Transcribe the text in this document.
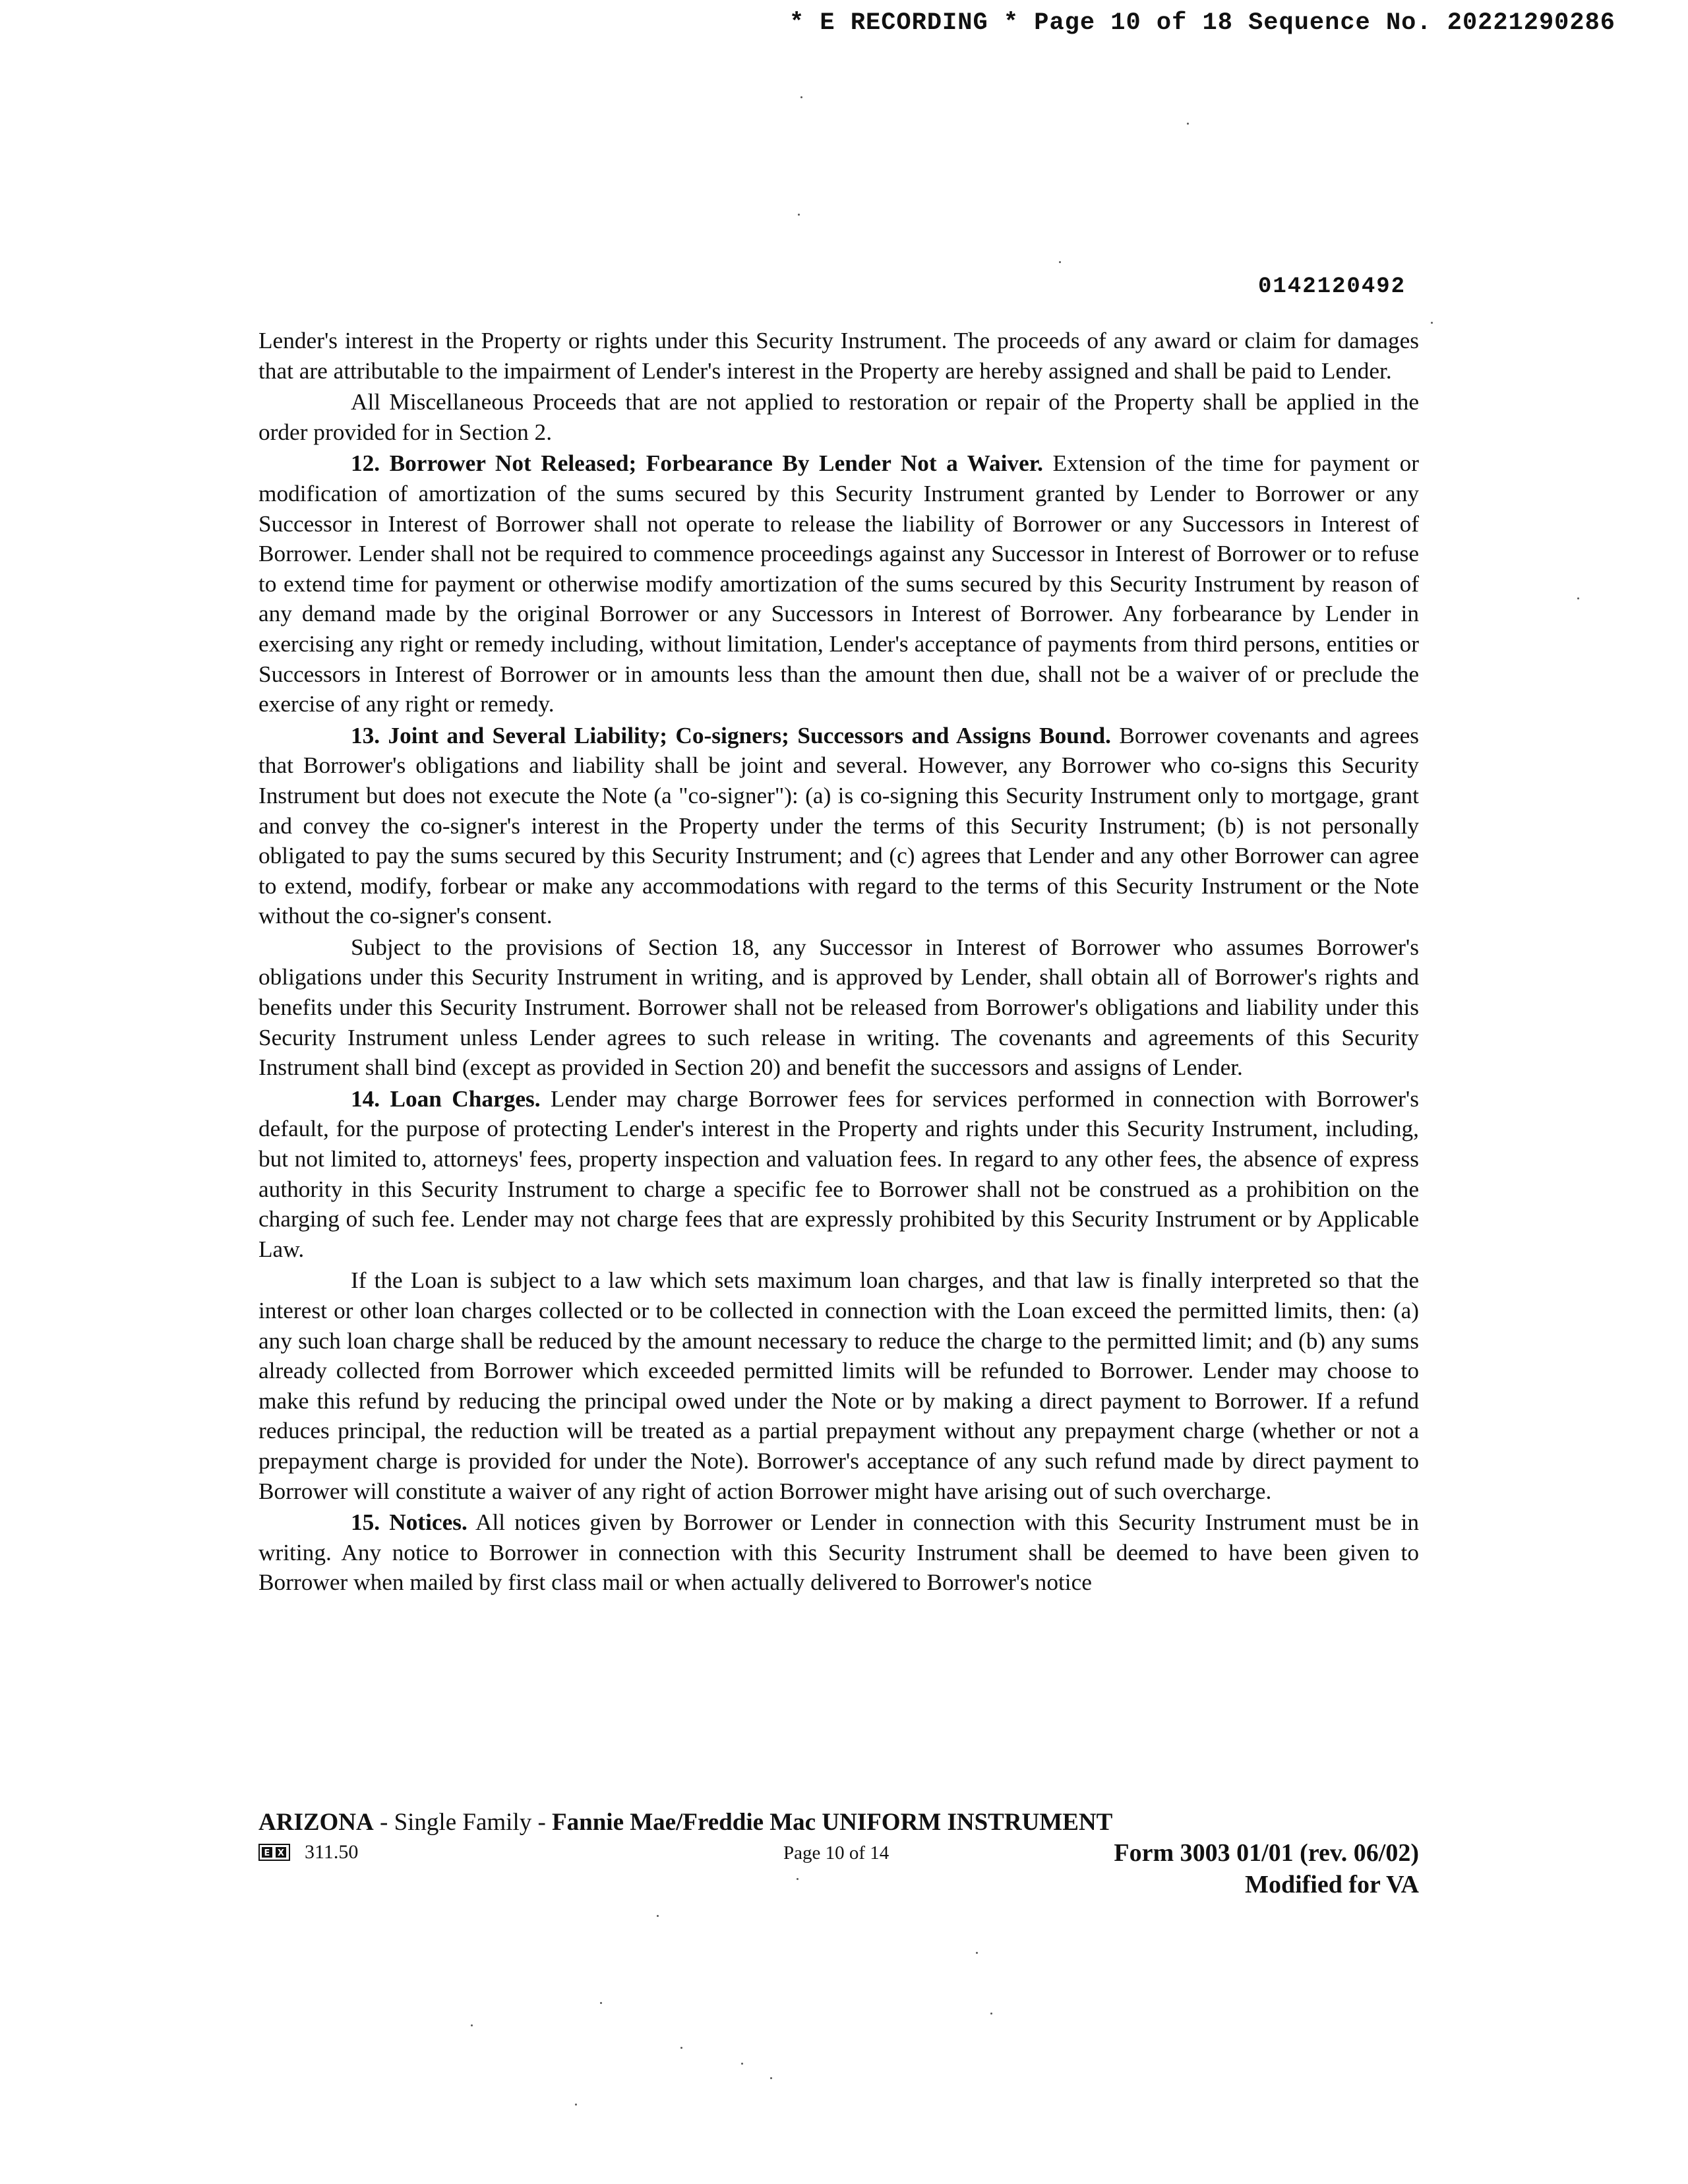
* E RECORDING * Page 10 of 18 Sequence No. 20221290286
0142120492

Lender's interest in the Property or rights under this Security Instrument. The proceeds of any award or claim for damages that are attributable to the impairment of Lender's interest in the Property are hereby assigned and shall be paid to Lender.

All Miscellaneous Proceeds that are not applied to restoration or repair of the Property shall be applied in the order provided for in Section 2.

12. Borrower Not Released; Forbearance By Lender Not a Waiver. Extension of the time for payment or modification of amortization of the sums secured by this Security Instrument granted by Lender to Borrower or any Successor in Interest of Borrower shall not operate to release the liability of Borrower or any Successors in Interest of Borrower. Lender shall not be required to commence proceedings against any Successor in Interest of Borrower or to refuse to extend time for payment or otherwise modify amortization of the sums secured by this Security Instrument by reason of any demand made by the original Borrower or any Successors in Interest of Borrower. Any forbearance by Lender in exercising any right or remedy including, without limitation, Lender's acceptance of payments from third persons, entities or Successors in Interest of Borrower or in amounts less than the amount then due, shall not be a waiver of or preclude the exercise of any right or remedy.

13. Joint and Several Liability; Co-signers; Successors and Assigns Bound. Borrower covenants and agrees that Borrower's obligations and liability shall be joint and several. However, any Borrower who co-signs this Security Instrument but does not execute the Note (a "co-signer"): (a) is co-signing this Security Instrument only to mortgage, grant and convey the co-signer's interest in the Property under the terms of this Security Instrument; (b) is not personally obligated to pay the sums secured by this Security Instrument; and (c) agrees that Lender and any other Borrower can agree to extend, modify, forbear or make any accommodations with regard to the terms of this Security Instrument or the Note without the co-signer's consent.

Subject to the provisions of Section 18, any Successor in Interest of Borrower who assumes Borrower's obligations under this Security Instrument in writing, and is approved by Lender, shall obtain all of Borrower's rights and benefits under this Security Instrument. Borrower shall not be released from Borrower's obligations and liability under this Security Instrument unless Lender agrees to such release in writing. The covenants and agreements of this Security Instrument shall bind (except as provided in Section 20) and benefit the successors and assigns of Lender.

14. Loan Charges. Lender may charge Borrower fees for services performed in connection with Borrower's default, for the purpose of protecting Lender's interest in the Property and rights under this Security Instrument, including, but not limited to, attorneys' fees, property inspection and valuation fees. In regard to any other fees, the absence of express authority in this Security Instrument to charge a specific fee to Borrower shall not be construed as a prohibition on the charging of such fee. Lender may not charge fees that are expressly prohibited by this Security Instrument or by Applicable Law.

If the Loan is subject to a law which sets maximum loan charges, and that law is finally interpreted so that the interest or other loan charges collected or to be collected in connection with the Loan exceed the permitted limits, then: (a) any such loan charge shall be reduced by the amount necessary to reduce the charge to the permitted limit; and (b) any sums already collected from Borrower which exceeded permitted limits will be refunded to Borrower. Lender may choose to make this refund by reducing the principal owed under the Note or by making a direct payment to Borrower. If a refund reduces principal, the reduction will be treated as a partial prepayment without any prepayment charge (whether or not a prepayment charge is provided for under the Note). Borrower's acceptance of any such refund made by direct payment to Borrower will constitute a waiver of any right of action Borrower might have arising out of such overcharge.

15. Notices. All notices given by Borrower or Lender in connection with this Security Instrument must be in writing. Any notice to Borrower in connection with this Security Instrument shall be deemed to have been given to Borrower when mailed by first class mail or when actually delivered to Borrower's notice

ARIZONA - Single Family - Fannie Mae/Freddie Mac UNIFORM INSTRUMENT
E X 311.50	Page 10 of 14	Form 3003 01/01 (rev. 06/02)
Modified for VA
